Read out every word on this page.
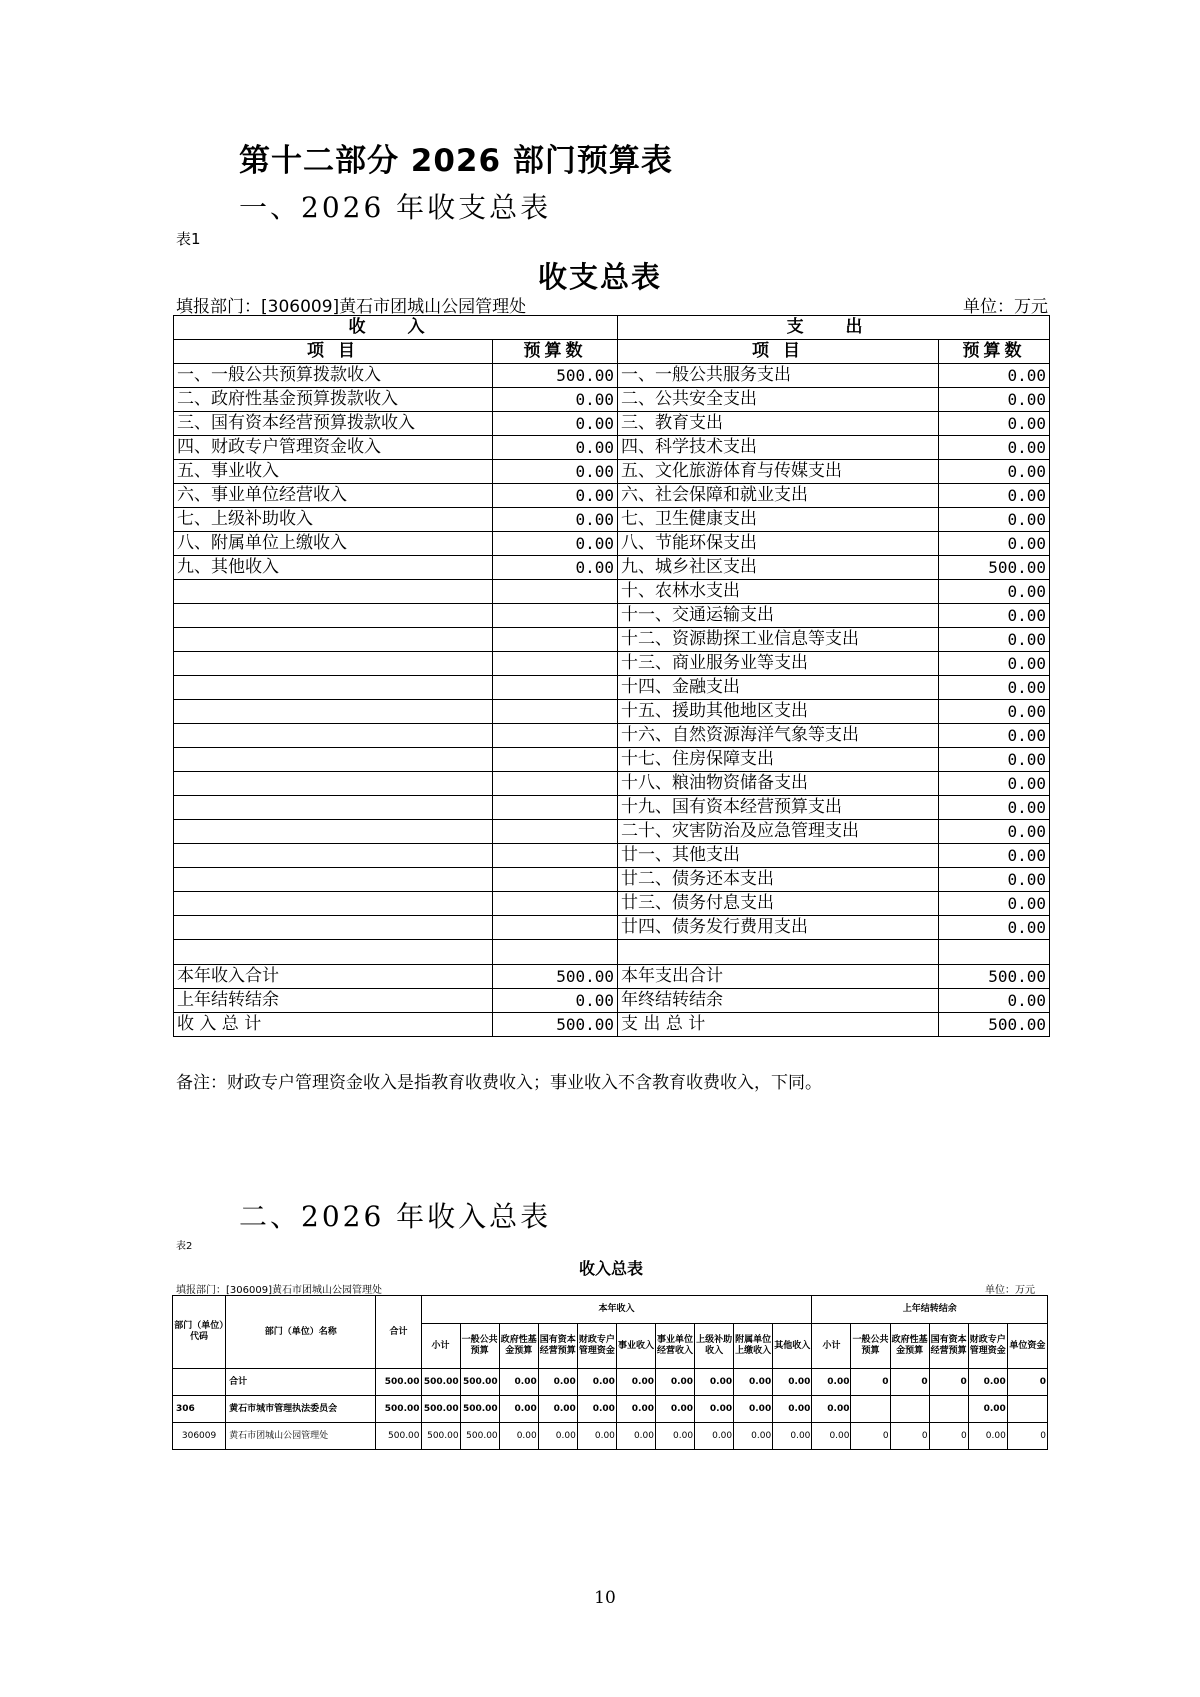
第十二部分 2026 部门预算表
一、2026 年收支总表
表1
收支总表
填报部门：[306009]黄石市团城山公园管理处	单位：万元
收 入		支 出	
项 目	预算数	项 目	预算数
一、一般公共预算拨款收入	500.00	一、一般公共服务支出	0.00
二、政府性基金预算拨款收入	0.00	二、公共安全支出	0.00
三、国有资本经营预算拨款收入	0.00	三、教育支出	0.00
四、财政专户管理资金收入	0.00	四、科学技术支出	0.00
五、事业收入	0.00	五、文化旅游体育与传媒支出	0.00
六、事业单位经营收入	0.00	六、社会保障和就业支出	0.00
七、上级补助收入	0.00	七、卫生健康支出	0.00
八、附属单位上缴收入	0.00	八、节能环保支出	0.00
九、其他收入	0.00	九、城乡社区支出	500.00
		十、农林水支出	0.00
		十一、交通运输支出	0.00
		十二、资源勘探工业信息等支出	0.00
		十三、商业服务业等支出	0.00
		十四、金融支出	0.00
		十五、援助其他地区支出	0.00
		十六、自然资源海洋气象等支出	0.00
		十七、住房保障支出	0.00
		十八、粮油物资储备支出	0.00
		十九、国有资本经营预算支出	0.00
		二十、灾害防治及应急管理支出	0.00
		廿一、其他支出	0.00
		廿二、债务还本支出	0.00
		廿三、债务付息支出	0.00
		廿四、债务发行费用支出	0.00

本年收入合计	500.00	本年支出合计	500.00
上年结转结余	0.00	年终结转结余	0.00
收 入 总 计	500.00	支 出 总 计	500.00
备注：财政专户管理资金收入是指教育收费收入；事业收入不含教育收费收入，下同。
二、2026 年收入总表
表2
收入总表
填报部门：[306009]黄石市团城山公园管理处	单位：万元
部门（单位）代码	部门（单位）名称	合计	本年收入										上年结转结余					
			小计	一般公共预算	政府性基金预算	国有资本经营预算	财政专户管理资金	事业收入	事业单位经营收入	上级补助收入	附属单位上缴收入	其他收入	小计	一般公共预算	政府性基金预算	国有资本经营预算	财政专户管理资金	单位资金
	合计	500.00	500.00	500.00	0.00	0.00	0.00	0.00	0.00	0.00	0.00	0.00	0.00	0	0	0	0.00	0
306	黄石市城市管理执法委员会	500.00	500.00	500.00	0.00	0.00	0.00	0.00	0.00	0.00	0.00	0.00	0.00				0.00	
306009	黄石市团城山公园管理处	500.00	500.00	500.00	0.00	0.00	0.00	0.00	0.00	0.00	0.00	0.00	0.00	0	0	0	0.00	0
10
